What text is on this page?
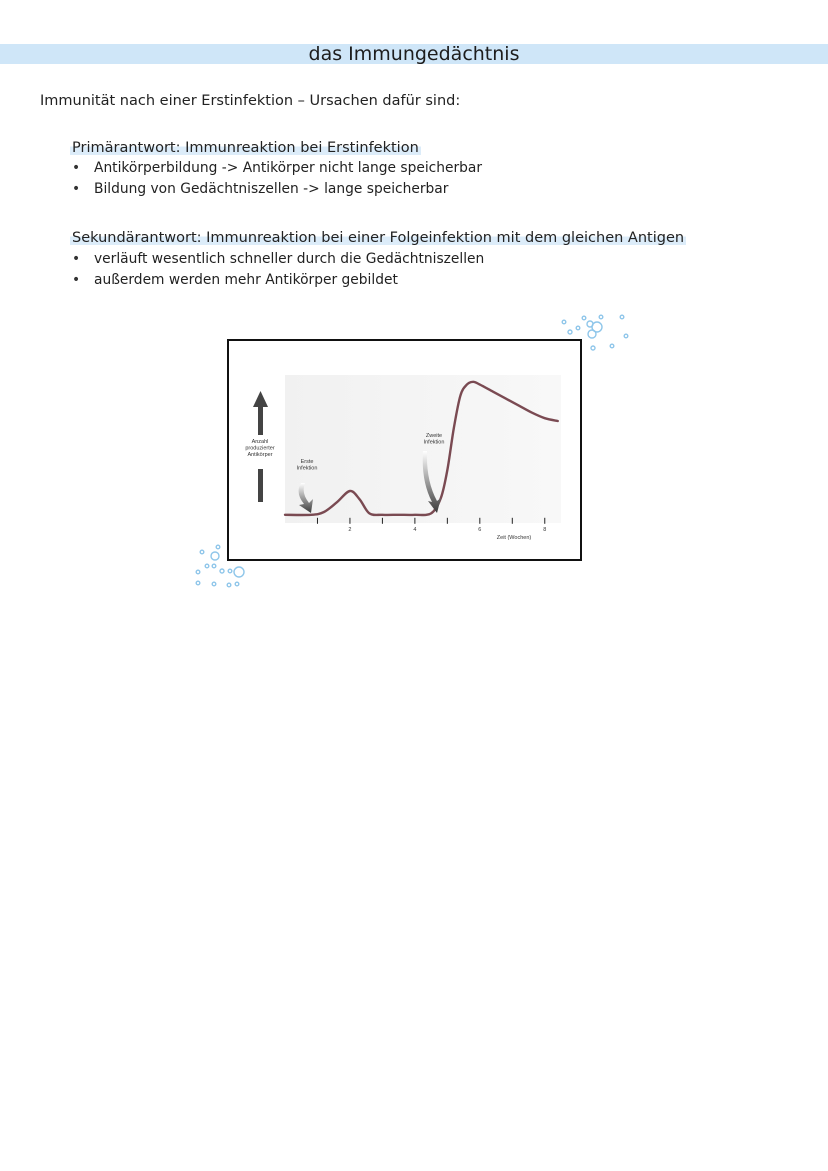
das Immungedächtnis
Immunität nach einer Erstinfektion – Ursachen dafür sind:
Primärantwort: Immunreaktion bei Erstinfektion
• Antikörperbildung -> Antikörper nicht lange speicherbar
• Bildung von Gedächtniszellen -> lange speicherbar
Sekundärantwort: Immunreaktion bei einer Folgeinfektion mit dem gleichen Antigen
• verläuft wesentlich schneller durch die Gedächtniszellen
• außerdem werden mehr Antikörper gebildet
Anzahl produzierter Antikörper
2	4	6	8
Erste Infektion
Zweite Infektion
Zeit (Wochen)
